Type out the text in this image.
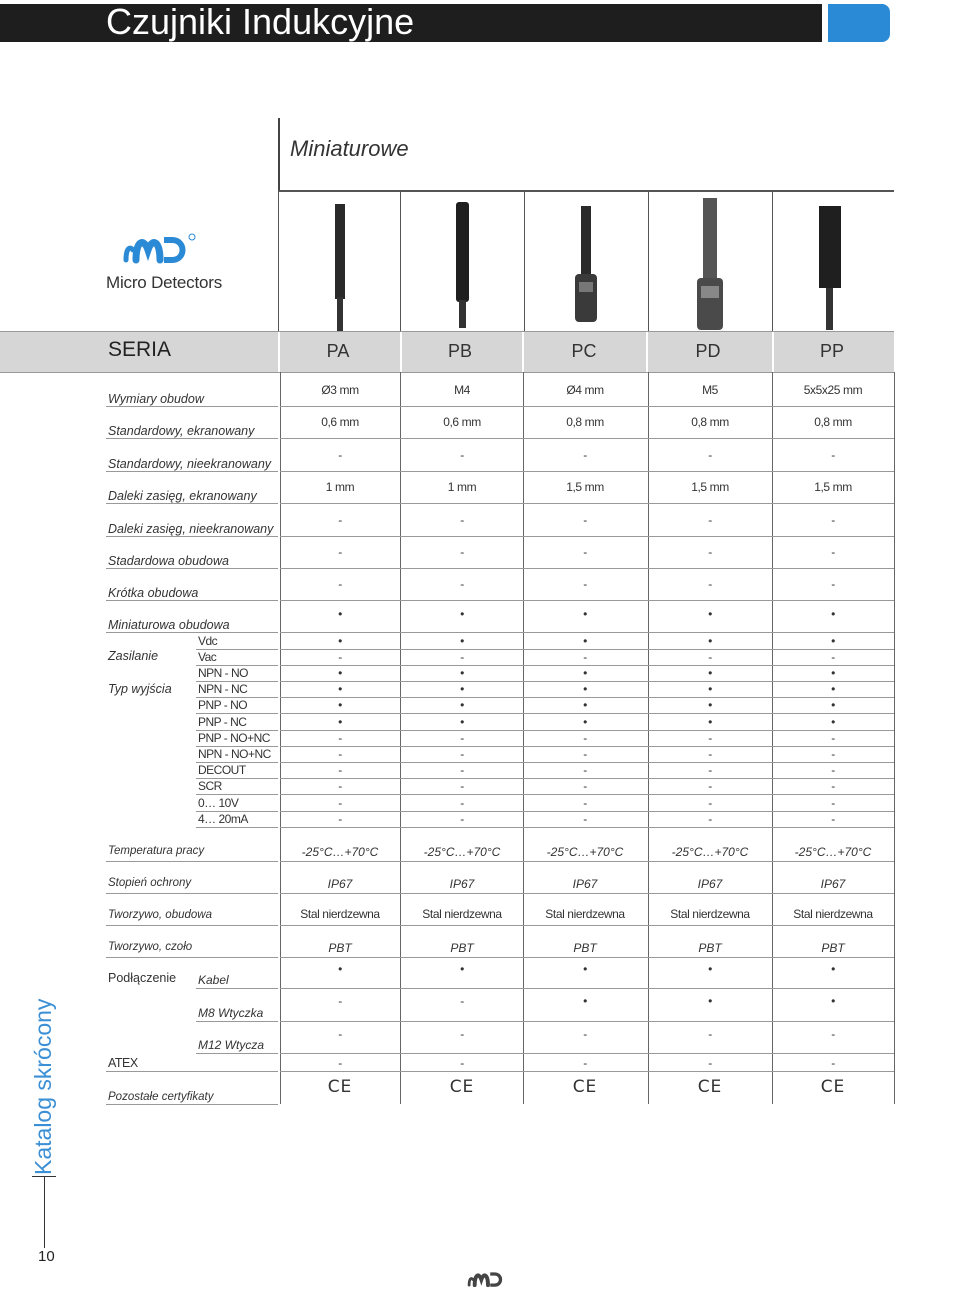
Czujniki Indukcyjne
Miniaturowe
Micro Detectors
SERIA	PA	PB	PC	PD	PP
Wymiary obudow
Ø3 mm	M4	Ø4 mm	M5	5x5x25 mm
Standardowy, ekranowany
0,6 mm	0,6 mm	0,8 mm	0,8 mm	0,8 mm
Standardowy, nieekranowany
-	-	-	-	-
Daleki zasięg, ekranowany
1 mm	1 mm	1,5 mm	1,5 mm	1,5 mm
Daleki zasięg, nieekranowany
-	-	-	-	-
Stadardowa obudowa
-	-	-	-	-
Krótka obudowa
-	-	-	-	-
Miniaturowa obudowa
•	•	•	•	•
Zasilanie
Vdc	•	•	•	•	•
Vac	-	-	-	-	-
Typ wyjścia
NPN - NO	•	•	•	•	•
NPN - NC	•	•	•	•	•
PNP - NO	•	•	•	•	•
PNP - NC	•	•	•	•	•
PNP - NO+NC	-	-	-	-	-
NPN - NO+NC	-	-	-	-	-
DECOUT	-	-	-	-	-
SCR	-	-	-	-	-
0… 10V	-	-	-	-	-
4… 20mA	-	-	-	-	-
Temperatura pracy	-25°C…+70°C	-25°C…+70°C	-25°C…+70°C	-25°C…+70°C	-25°C…+70°C
Stopień ochrony	IP67	IP67	IP67	IP67	IP67
Tworzywo, obudowa	Stal nierdzewna	Stal nierdzewna	Stal nierdzewna	Stal nierdzewna	Stal nierdzewna
Tworzywo, czoło	PBT	PBT	PBT	PBT	PBT
Podłączenie Kabel
•	•	•	•	•
M8 Wtyczka
-	-	•	•	•
M12 Wtycza
-	-	-	-	-
ATEX	-	-	-	-	-
Pozostałe certyfikaty	CE	CE	CE	CE	CE
Katalog skrócony
10
